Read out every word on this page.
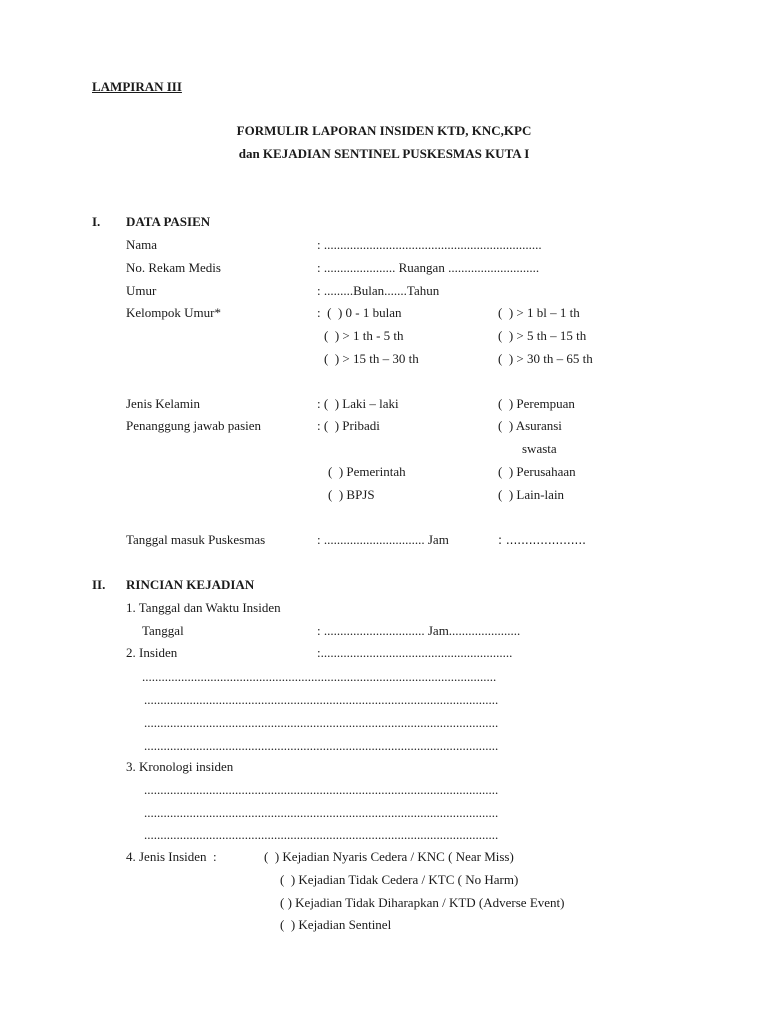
LAMPIRAN III
FORMULIR LAPORAN INSIDEN KTD, KNC,KPC
dan KEJADIAN SENTINEL PUSKESMAS KUTA I
I. DATA PASIEN
Nama	: ...................................................................
No. Rekam Medis	: ...................... Ruangan ............................
Umur	: .........Bulan.......Tahun
Kelompok Umur*	:  (  ) 0 - 1 bulan	(  ) > 1 bl – 1 th
(  ) > 1 th - 5 th	(  ) > 5 th – 15 th
(  ) > 15 th – 30 th	(  ) > 30 th – 65 th
Jenis Kelamin	: (  ) Laki – laki	(  ) Perempuan
Penanggung jawab pasien	: (  ) Pribadi	(  ) Asuransi
swasta
(  ) Pemerintah	(  ) Perusahaan
(  ) BPJS	(  ) Lain-lain
Tanggal masuk Puskesmas	: ............................... Jam	: .....................
II. RINCIAN KEJADIAN
1. Tanggal dan Waktu Insiden
Tanggal	: ............................... Jam......................
2. Insiden	:...........................................................
.............................................................................................................
.............................................................................................................
.............................................................................................................
.............................................................................................................
3. Kronologi insiden
.............................................................................................................
.............................................................................................................
.............................................................................................................
4. Jenis Insiden  :	(  ) Kejadian Nyaris Cedera / KNC ( Near Miss)
(  ) Kejadian Tidak Cedera / KTC ( No Harm)
( ) Kejadian Tidak Diharapkan / KTD (Adverse Event)
(  ) Kejadian Sentinel
